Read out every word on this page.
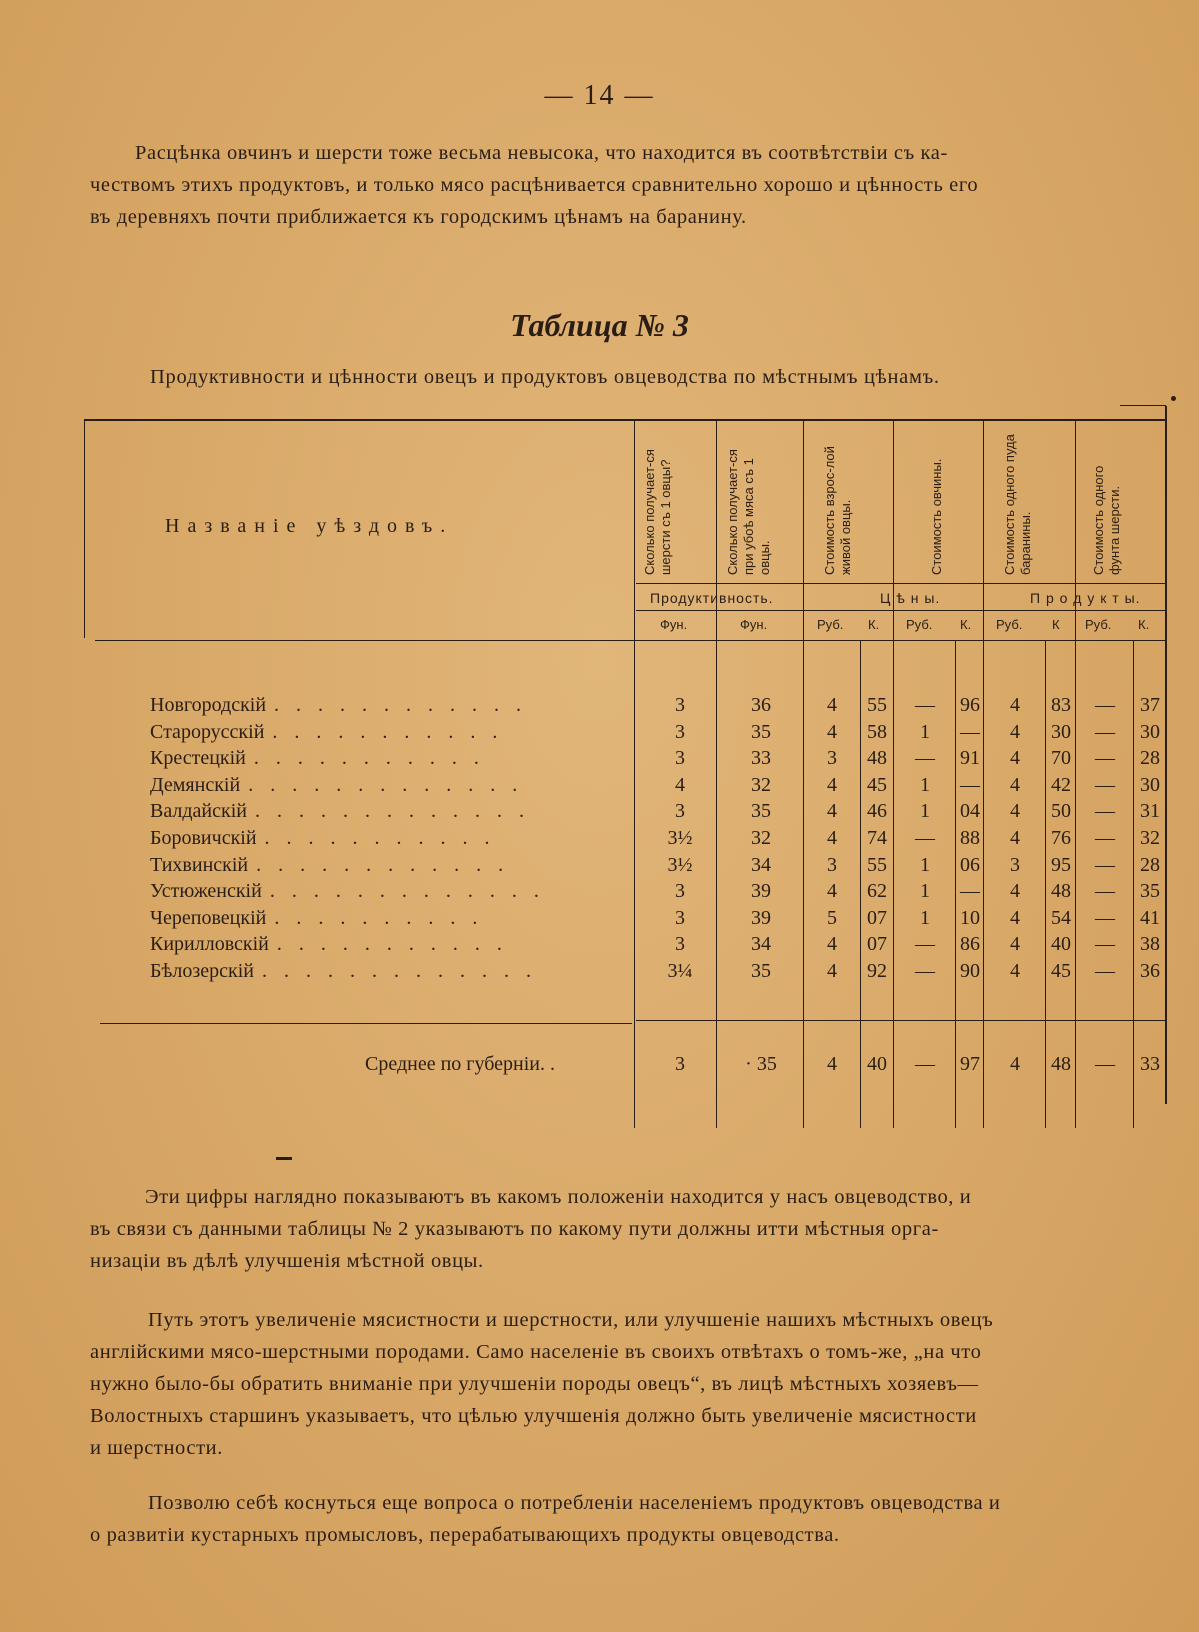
— 14 —
Расцѣнка овчинъ и шерсти тоже весьма невысока, что находится въ соотвѣтствіи съ ка-
чествомъ этихъ продуктовъ, и только мясо расцѣнивается сравнительно хорошо и цѣнность его
въ деревняхъ почти приближается къ городскимъ цѣнамъ на баранину.
Таблица № 3
Продуктивности и цѣнности овецъ и продуктовъ овцеводства по мѣстнымъ цѣнамъ.
Названіе уѣздовъ.	Сколько получает-ся шерсти съ 1 овцы?	Сколько получает-ся при убоѣ мяса съ 1 овцы.	Стоимость взрос-лой живой овцы.	Стоимость овчины.	Стоимость одного пуда баранины.	Стоимость одного фунта шерсти.
Продуктивность.	Ц ѣ н ы.	П р о д у к т ы.
Фун.	Фун.	Руб. К. Руб. К. Руб. К Руб. К.
Новгородскій . . . . . . . . . . . .	3	36	4	55	—	96	4	83	—	37
Старорусскій . . . . . . . . . . .	3	35	4	58	1	—	4	30	—	30
Крестецкій . . . . . . . . . . .	3	33	3	48	—	91	4	70	—	28
Демянскій . . . . . . . . . . . . .	4	32	4	45	1	—	4	42	—	30
Валдайскій . . . . . . . . . . . . .	3	35	4	46	1	04	4	50	—	31
Боровичскій . . . . . . . . . . .	3½	32	4	74	—	88	4	76	—	32
Тихвинскій . . . . . . . . . . . .	3½	34	3	55	1	06	3	95	—	28
Устюженскій . . . . . . . . . . . . .	3	39	4	62	1	—	4	48	—	35
Череповецкій . . . . . . . . . .	3	39	5	07	1	10	4	54	—	41
Кирилловскій . . . . . . . . . . .	3	34	4	07	—	86	4	40	—	38
Бѣлозерскій . . . . . . . . . . . . .	3¼	35	4	92	—	90	4	45	—	36
Среднее по губерніи. .	3	· 35	4	40	—	97	4	48	—	33
Эти цифры наглядно показываютъ въ какомъ положеніи находится у насъ овцеводство, и
въ связи съ данными таблицы № 2 указываютъ по какому пути должны итти мѣстныя орга-
низаціи въ дѣлѣ улучшенія мѣстной овцы.
Путь этотъ увеличеніе мясистности и шерстности, или улучшеніе нашихъ мѣстныхъ овецъ
англійскими мясо-шерстными породами. Само населеніе въ своихъ отвѣтахъ о томъ-же, „на что
нужно было-бы обратить вниманіе при улучшеніи породы овецъ“, въ лицѣ мѣстныхъ хозяевъ—
Волостныхъ старшинъ указываетъ, что цѣлью улучшенія должно быть увеличеніе мясистности
и шерстности.
Позволю себѣ коснуться еще вопроса о потребленіи населеніемъ продуктовъ овцеводства и
о развитіи кустарныхъ промысловъ, перерабатывающихъ продукты овцеводства.
